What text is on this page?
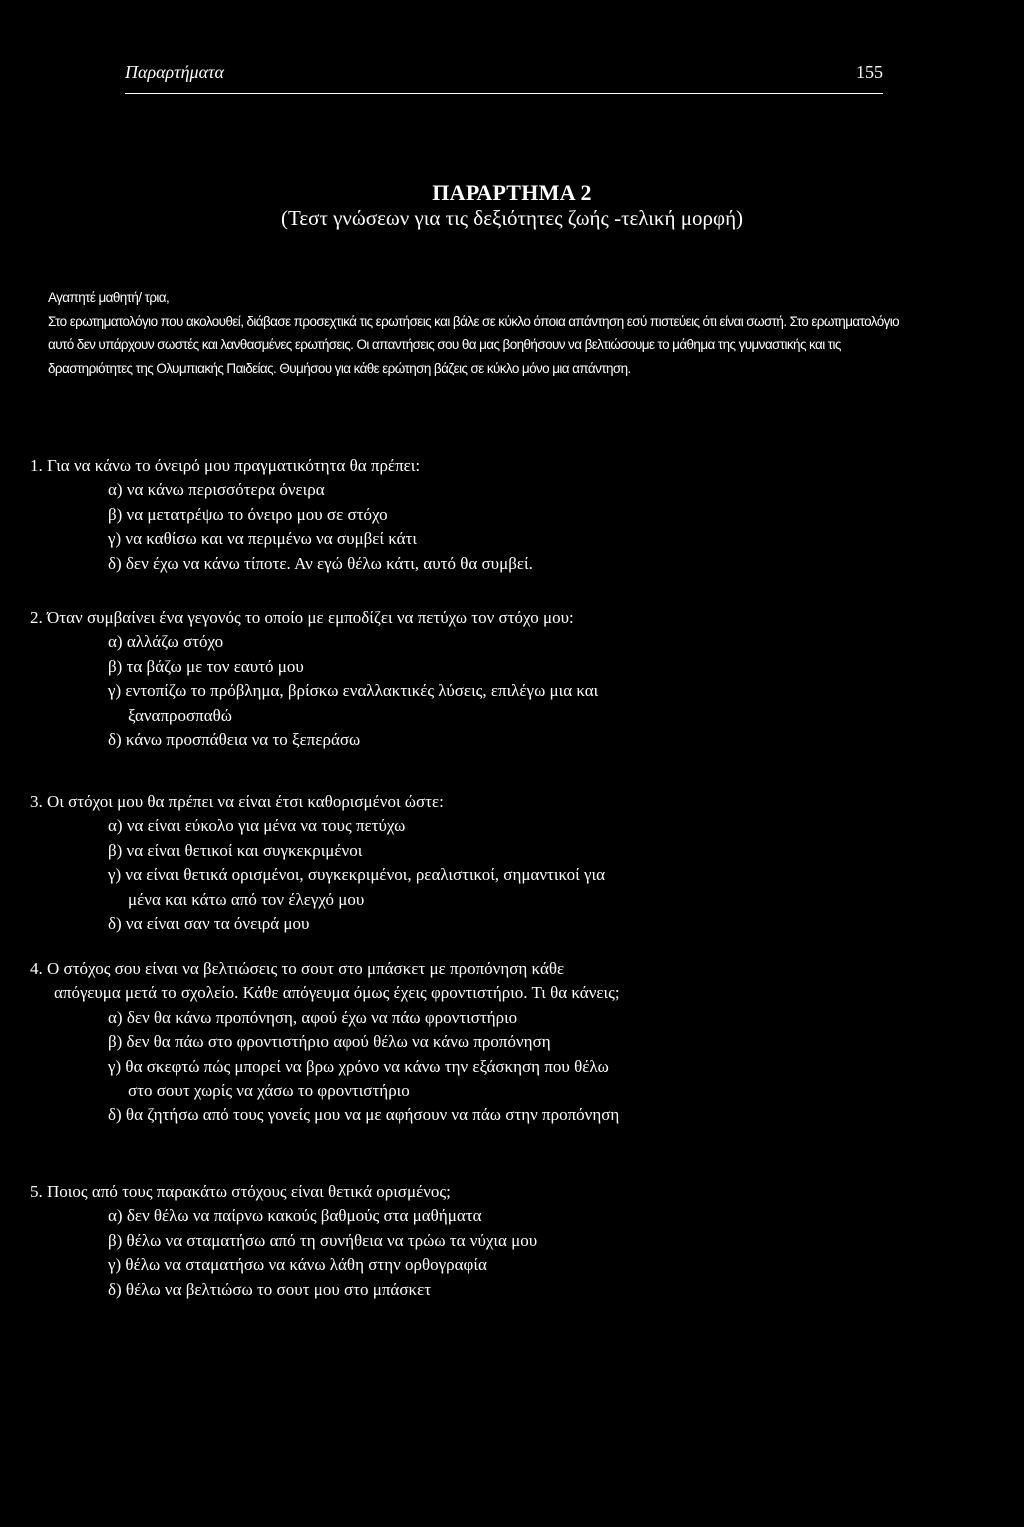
Παραρτήματα	155
ΠΑΡΑΡΤΗΜΑ 2
(Τεστ γνώσεων για τις δεξιότητες ζωής -τελική μορφή)

Αγαπητέ μαθητή/ τρια,

Στο ερωτηματολόγιο που ακολουθεί, διάβασε προσεχτικά τις ερωτήσεις και βάλε σε κύκλο όποια απάντηση εσύ πιστεύεις ότι είναι σωστή. Στο ερωτηματολόγιο αυτό δεν υπάρχουν σωστές και λανθασμένες ερωτήσεις. Οι απαντήσεις σου θα μας βοηθήσουν να βελτιώσουμε το μάθημα της γυμναστικής και τις δραστηριότητες της Ολυμπιακής Παιδείας. Θυμήσου για κάθε ερώτηση βάζεις σε κύκλο μόνο μια απάντηση.

1. Για να κάνω το όνειρό μου πραγματικότητα θα πρέπει:

α) να κάνω περισσότερα όνειρα
β) να μετατρέψω το όνειρο μου σε στόχο
γ) να καθίσω και να περιμένω να συμβεί κάτι
δ) δεν έχω να κάνω τίποτε. Αν εγώ θέλω κάτι, αυτό θα συμβεί.

2. Όταν συμβαίνει ένα γεγονός το οποίο με εμποδίζει να πετύχω τον στόχο μου:

α) αλλάζω στόχο
β) τα βάζω με τον εαυτό μου
γ) εντοπίζω το πρόβλημα, βρίσκω εναλλακτικές λύσεις, επιλέγω μια και
ξαναπροσπαθώ
δ) κάνω προσπάθεια να το ξεπεράσω

3. Οι στόχοι μου θα πρέπει να είναι έτσι καθορισμένοι ώστε:

α) να είναι εύκολο για μένα να τους πετύχω
β) να είναι θετικοί και συγκεκριμένοι
γ) να είναι θετικά ορισμένοι, συγκεκριμένοι, ρεαλιστικοί, σημαντικοί για
μένα και κάτω από τον έλεγχό μου
δ) να είναι σαν τα όνειρά μου

4. Ο στόχος σου είναι να βελτιώσεις το σουτ στο μπάσκετ με προπόνηση κάθε
απόγευμα μετά το σχολείο. Κάθε απόγευμα όμως έχεις φροντιστήριο. Τι θα κάνεις;

α) δεν θα κάνω προπόνηση, αφού έχω να πάω φροντιστήριο
β) δεν θα πάω στο φροντιστήριο αφού θέλω να κάνω προπόνηση
γ) θα σκεφτώ πώς μπορεί να βρω χρόνο να κάνω την εξάσκηση που θέλω
στο σουτ χωρίς να χάσω το φροντιστήριο
δ) θα ζητήσω από τους γονείς μου να με αφήσουν να πάω στην προπόνηση

5. Ποιος από τους παρακάτω στόχους είναι θετικά ορισμένος;

α) δεν θέλω να παίρνω κακούς βαθμούς στα μαθήματα
β) θέλω να σταματήσω από τη συνήθεια να τρώω τα νύχια μου
γ) θέλω να σταματήσω να κάνω λάθη στην ορθογραφία
δ) θέλω να βελτιώσω το σουτ μου στο μπάσκετ
